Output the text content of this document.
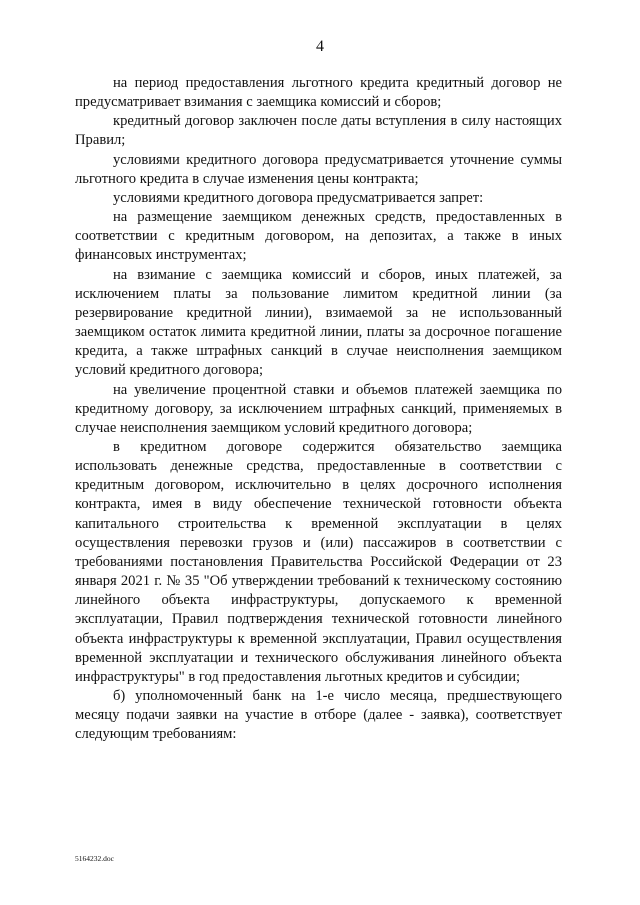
4

на период предоставления льготного кредита кредитный договор не предусматривает взимания с заемщика комиссий и сборов;

кредитный договор заключен после даты вступления в силу настоящих Правил;

условиями кредитного договора предусматривается уточнение суммы льготного кредита в случае изменения цены контракта;

условиями кредитного договора предусматривается запрет:

на размещение заемщиком денежных средств, предоставленных в соответствии с кредитным договором, на депозитах, а также в иных финансовых инструментах;

на взимание с заемщика комиссий и сборов, иных платежей, за исключением платы за пользование лимитом кредитной линии (за резервирование кредитной линии), взимаемой за не использованный заемщиком остаток лимита кредитной линии, платы за досрочное погашение кредита, а также штрафных санкций в случае неисполнения заемщиком условий кредитного договора;

на увеличение процентной ставки и объемов платежей заемщика по кредитному договору, за исключением штрафных санкций, применяемых в случае неисполнения заемщиком условий кредитного договора;

в кредитном договоре содержится обязательство заемщика использовать денежные средства, предоставленные в соответствии с кредитным договором, исключительно в целях досрочного исполнения контракта, имея в виду обеспечение технической готовности объекта капитального строительства к временной эксплуатации в целях осуществления перевозки грузов и (или) пассажиров в соответствии с требованиями постановления Правительства Российской Федерации от 23 января 2021 г. № 35 "Об утверждении требований к техническому состоянию линейного объекта инфраструктуры, допускаемого к временной эксплуатации, Правил подтверждения технической готовности линейного объекта инфраструктуры к временной эксплуатации, Правил осуществления временной эксплуатации и технического обслуживания линейного объекта инфраструктуры" в год предоставления льготных кредитов и субсидии;

б) уполномоченный банк на 1-е число месяца, предшествующего месяцу подачи заявки на участие в отборе (далее - заявка), соответствует следующим требованиям:

5164232.doc
